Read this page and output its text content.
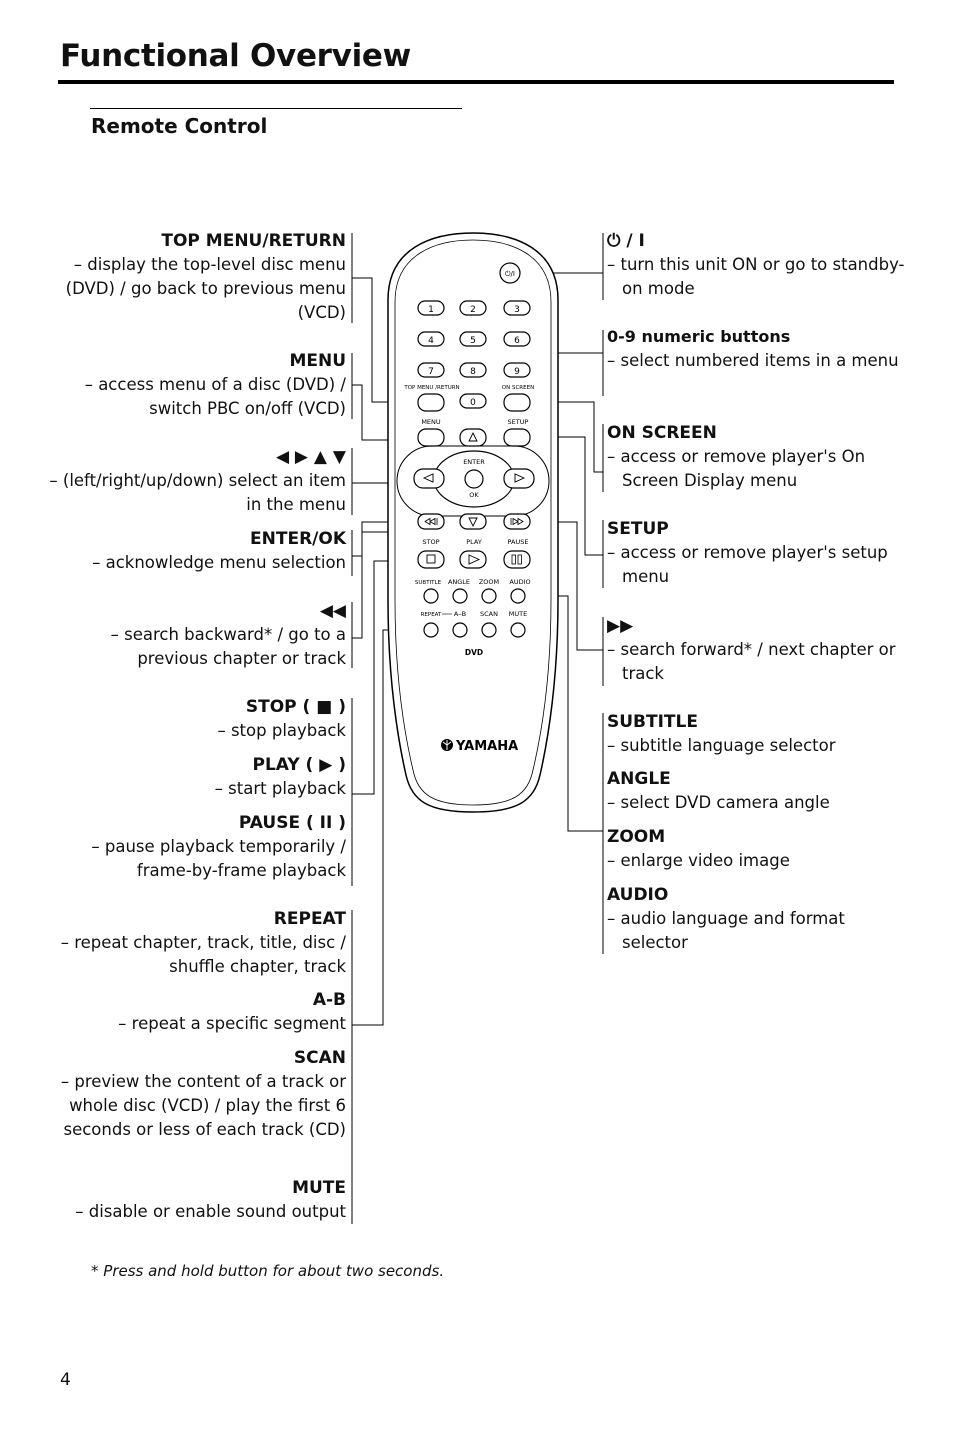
Functional Overview
Remote Control
TOP MENU/RETURN
– display the top-level disc menu (DVD) / go back to previous menu (VCD)
MENU
– access menu of a disc (DVD) / switch PBC on/off (VCD)
◀ ▶ ▲ ▼
– (left/right/up/down) select an item in the menu
ENTER/OK
– acknowledge menu selection
◀◀
– search backward* / go to a previous chapter or track
STOP ( ■ )
– stop playback
PLAY ( ▶ )
– start playback
PAUSE ( II )
– pause playback temporarily / frame-by-frame playback
REPEAT
– repeat chapter, track, title, disc / shuffle chapter, track
A-B
– repeat a specific segment
SCAN
– preview the content of a track or whole disc (VCD) / play the first 6 seconds or less of each track (CD)
MUTE
– disable or enable sound output
⏻ / I
– turn this unit ON or go to standby-on mode
0-9 numeric buttons
– select numbered items in a menu
ON SCREEN
– access or remove player's On Screen Display menu
SETUP
– access or remove player's setup menu
▶▶
– search forward* / next chapter or track
SUBTITLE
– subtitle language selector
ANGLE
– select DVD camera angle
ZOOM
– enlarge video image
AUDIO
– audio language and format selector
⏻/I
1	2	3
4	5	6
7	8	9
0
TOP MENU /RETURN	ON SCREEN
MENU	SETUP
ENTER
OK
STOP	PLAY	PAUSE
SUBTITLE ANGLE ZOOM AUDIO
REPEAT A–B SCAN MUTE
DVD
YAMAHA
* Press and hold button for about two seconds.
4
